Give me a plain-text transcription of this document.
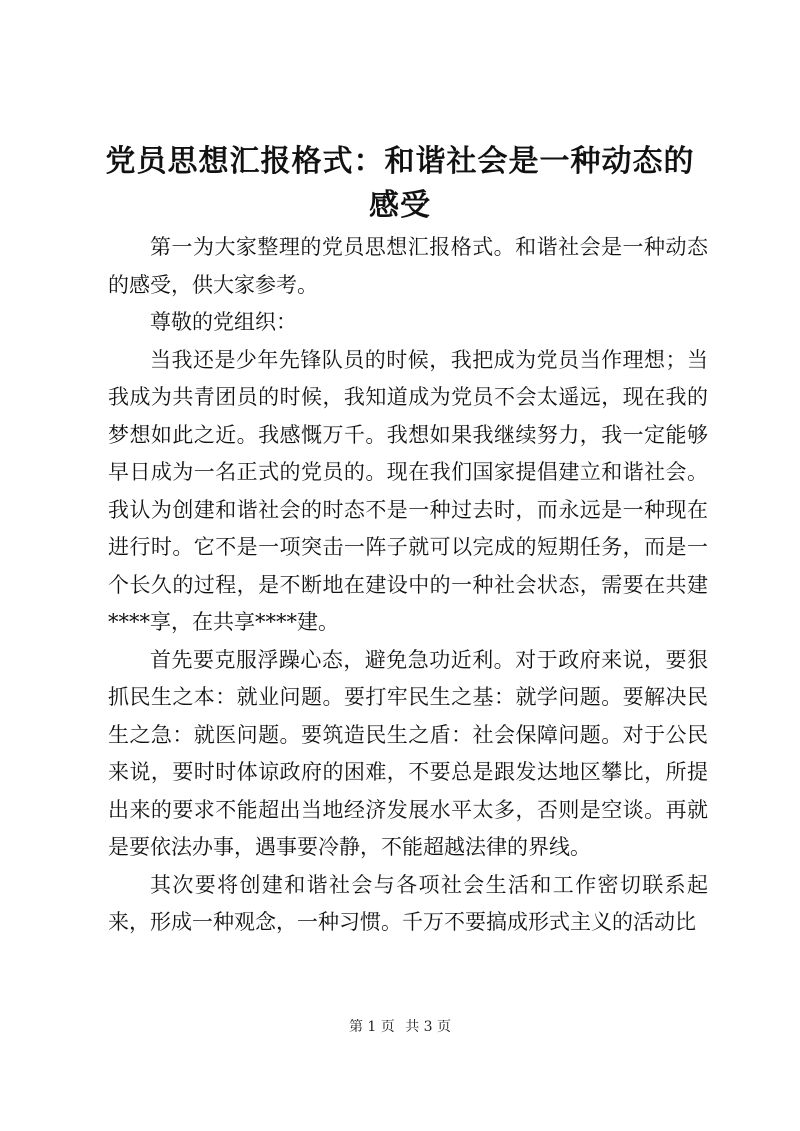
党员思想汇报格式：和谐社会是一种动态的感受

第一为大家整理的党员思想汇报格式。和谐社会是一种动态的感受，供大家参考。

尊敬的党组织：

当我还是少年先锋队员的时候，我把成为党员当作理想；当我成为共青团员的时候，我知道成为党员不会太遥远，现在我的梦想如此之近。我感慨万千。我想如果我继续努力，我一定能够早日成为一名正式的党员的。现在我们国家提倡建立和谐社会。我认为创建和谐社会的时态不是一种过去时，而永远是一种现在进行时。它不是一项突击一阵子就可以完成的短期任务，而是一个长久的过程，是不断地在建设中的一种社会状态，需要在共建****享，在共享****建。

首先要克服浮躁心态，避免急功近利。对于政府来说，要狠抓民生之本：就业问题。要打牢民生之基：就学问题。要解决民生之急：就医问题。要筑造民生之盾：社会保障问题。对于公民来说，要时时体谅政府的困难，不要总是跟发达地区攀比，所提出来的要求不能超出当地经济发展水平太多，否则是空谈。再就是要依法办事，遇事要冷静，不能超越法律的界线。

其次要将创建和谐社会与各项社会生活和工作密切联系起来，形成一种观念，一种习惯。千万不要搞成形式主义的活动比

第 1 页 共 3 页
